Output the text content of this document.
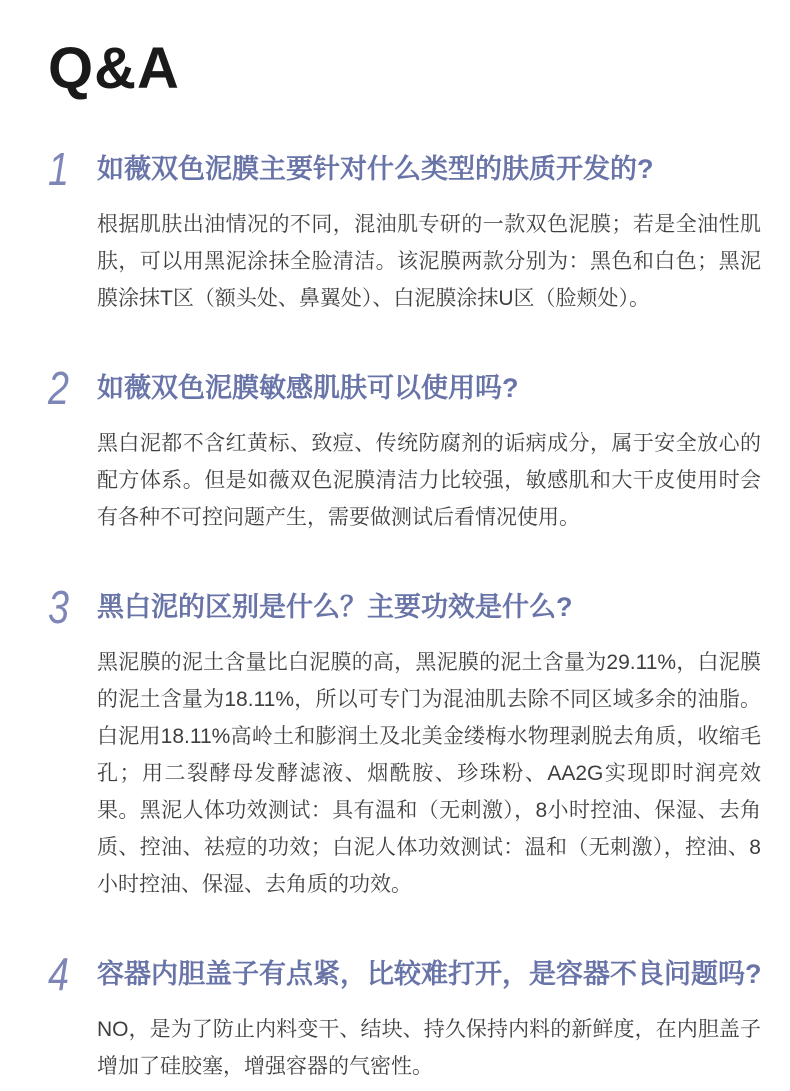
Q&A
1	如薇双色泥膜主要针对什么类型的肤质开发的?

根据肌肤出油情况的不同，混油肌专研的一款双色泥膜；若是全油性肌肤，可以用黑泥涂抹全脸清洁。该泥膜两款分别为：黑色和白色；黑泥膜涂抹T区（额头处、鼻翼处）、白泥膜涂抹U区（脸颊处）。

2	如薇双色泥膜敏感肌肤可以使用吗?

黑白泥都不含红黄标、致痘、传统防腐剂的诟病成分，属于安全放心的配方体系。但是如薇双色泥膜清洁力比较强，敏感肌和大干皮使用时会有各种不可控问题产生，需要做测试后看情况使用。

3	黑白泥的区别是什么？主要功效是什么?

黑泥膜的泥土含量比白泥膜的高，黑泥膜的泥土含量为29.11%，白泥膜的泥土含量为18.11%，所以可专门为混油肌去除不同区域多余的油脂。白泥用18.11%高岭土和膨润土及北美金缕梅水物理剥脱去角质，收缩毛孔；用二裂酵母发酵滤液、烟酰胺、珍珠粉、AA2G实现即时润亮效果。黑泥人体功效测试：具有温和（无刺激），8小时控油、保湿、去角质、控油、祛痘的功效；白泥人体功效测试：温和（无刺激），控油、8小时控油、保湿、去角质的功效。

4	容器内胆盖子有点紧，比较难打开，是容器不良问题吗?

NO，是为了防止内料变干、结块、持久保持内料的新鲜度，在内胆盖子增加了硅胶塞，增强容器的气密性。
